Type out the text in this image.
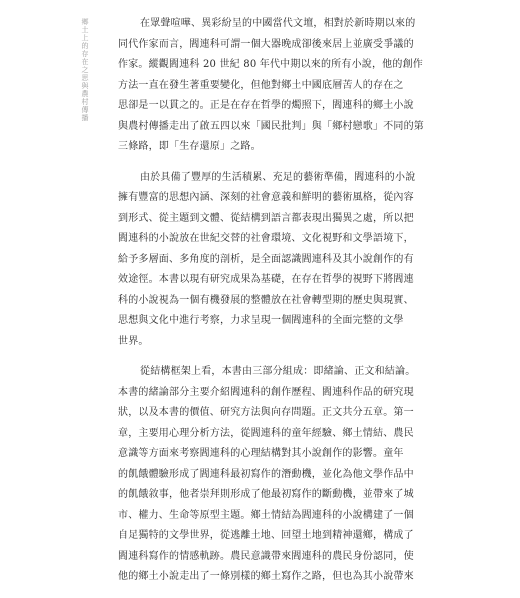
鄉土上的存在之思與農村傳播	在眾聲喧嘩、異彩紛呈的中國當代文壇，相對於新時期以來的
同代作家而言，閻連科可謂一個大器晚成卻後來居上並廣受爭議的
作家。縱觀閻連科 20 世紀 80 年代中期以來的所有小說，他的創作
方法一直在發生著重要變化，但他對鄉土中國底層苦人的存在之
思卻是一以貫之的。正是在存在哲學的燭照下，閻連科的鄉土小說
與農村傳播走出了啟五四以來「國民批判」與「鄉村戀歌」不同的第
三條路，即「生存還原」之路。

由於具備了豐厚的生活積累、充足的藝術準備，閻連科的小說
擁有豐富的思想內涵、深刻的社會意義和鮮明的藝術風格，從內容
到形式、從主題到文體、從結構到語言都表現出獨異之處，所以把
閻連科的小說放在世紀交替的社會環境、文化視野和文學語境下，
給予多層面、多角度的剖析，是全面認識閻連科及其小說創作的有
效途徑。本書以現有研究成果為基礎，在存在哲學的視野下將閻連
科的小說視為一個有機發展的整體放在社會轉型期的歷史與現實、
思想與文化中進行考察，力求呈現一個閻連科的全面完整的文學
世界。

從結構框架上看，本書由三部分組成：即緒論、正文和結論。
本書的緒論部分主要介紹閻連科的創作歷程、閻連科作品的研究現
狀，以及本書的價值、研究方法與向存問題。正文共分五章。第一
章，主要用心理分析方法，從閻連科的童年經驗、鄉土情結、農民
意識等方面來考察閻連科的心理結構對其小說創作的影響。童年
的飢餓體驗形成了閻連科最初寫作的潛動機，並化為他文學作品中
的飢餓敘事，他者崇拜則形成了他最初寫作的斷動機，並帶來了城
市、權力、生命等原型主題。鄉土情結為閻連科的小說構建了一個
自足獨特的文學世界，從逃離土地、回望土地到精神還鄉，構成了
閻連科寫作的情感軌跡。農民意識帶來閻連科的農民身份認同，使
他的鄉土小說走出了一條別樣的鄉土寫作之路，但也為其小說帶來
